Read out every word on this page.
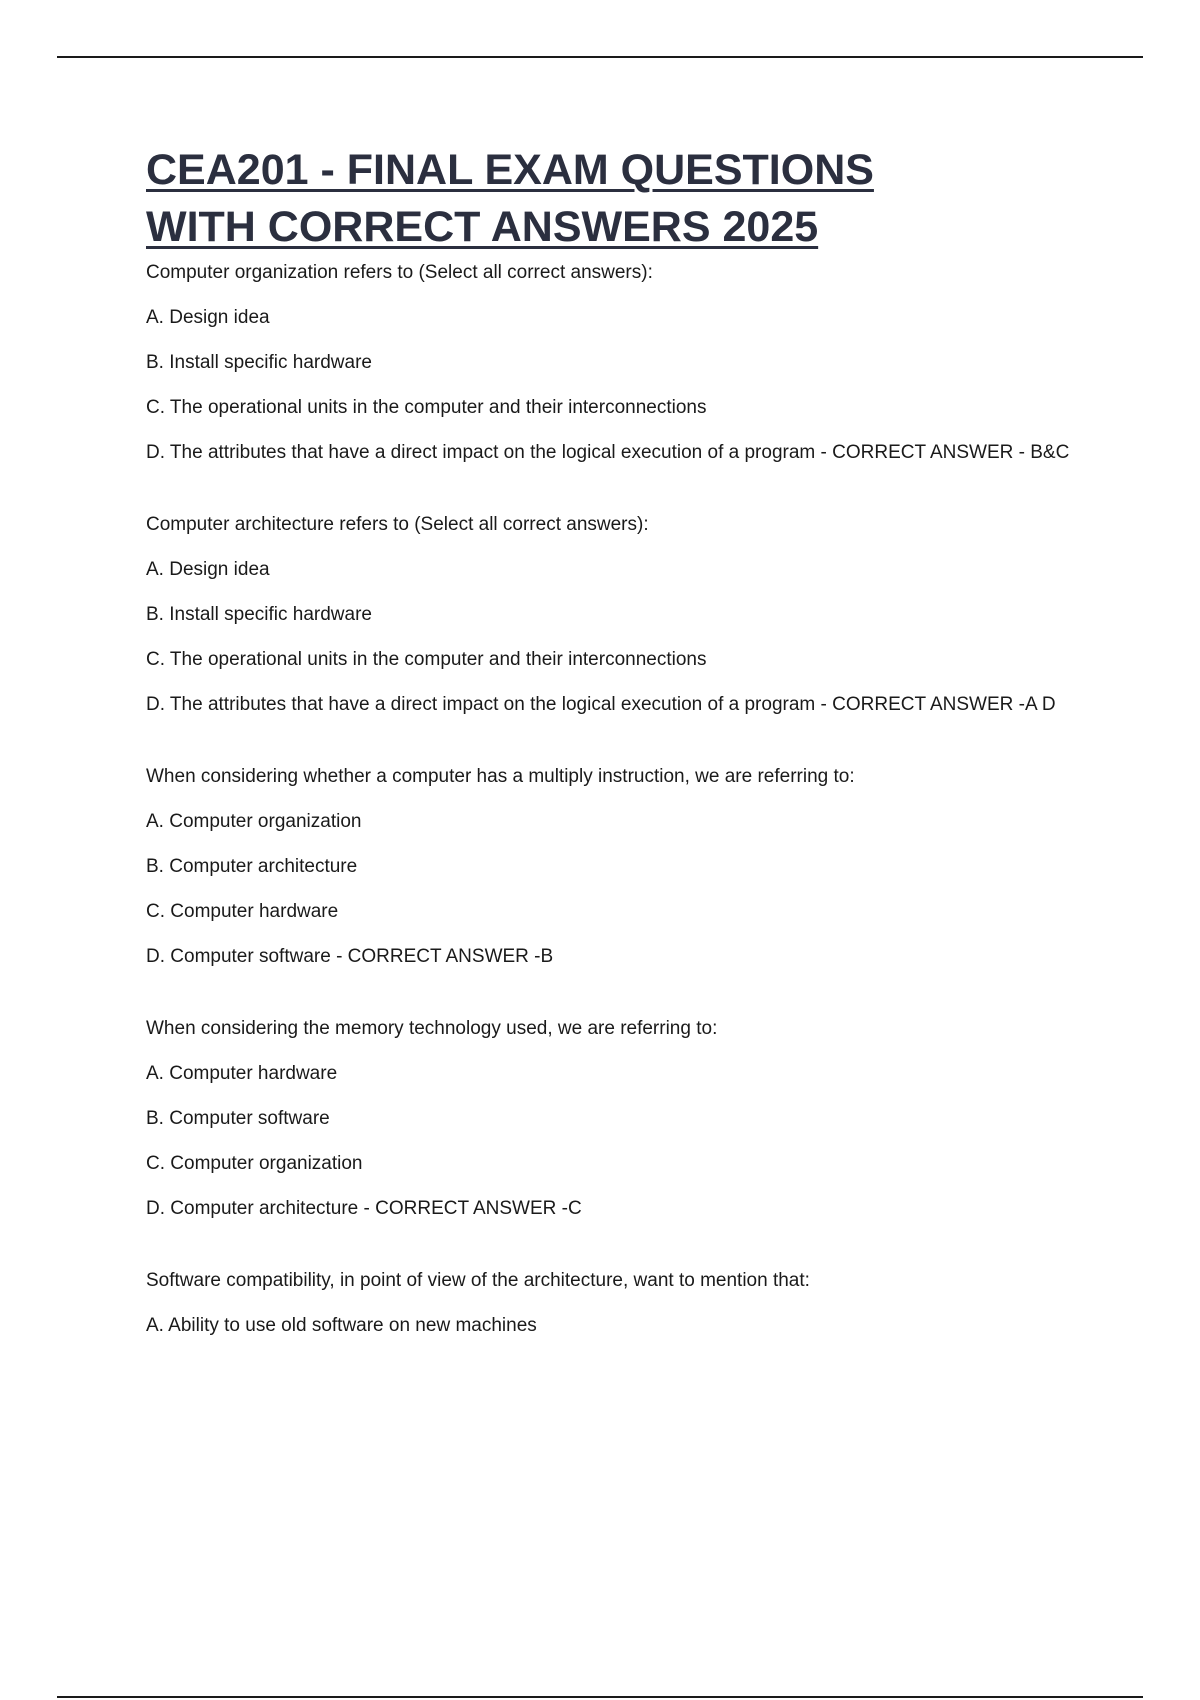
CEA201 - FINAL EXAM QUESTIONS
WITH CORRECT ANSWERS 2025
Computer organization refers to (Select all correct answers):
A. Design idea
B. Install specific hardware
C. The operational units in the computer and their interconnections
D. The attributes that have a direct impact on the logical execution of a program - CORRECT ANSWER - B&C
Computer architecture refers to (Select all correct answers):
A. Design idea
B. Install specific hardware
C. The operational units in the computer and their interconnections
D. The attributes that have a direct impact on the logical execution of a program - CORRECT ANSWER -A D
When considering whether a computer has a multiply instruction, we are referring to:
A. Computer organization
B. Computer architecture
C. Computer hardware
D. Computer software - CORRECT ANSWER -B
When considering the memory technology used, we are referring to:
A. Computer hardware
B. Computer software
C. Computer organization
D. Computer architecture - CORRECT ANSWER -C
Software compatibility, in point of view of the architecture, want to mention that:
A. Ability to use old software on new machines
